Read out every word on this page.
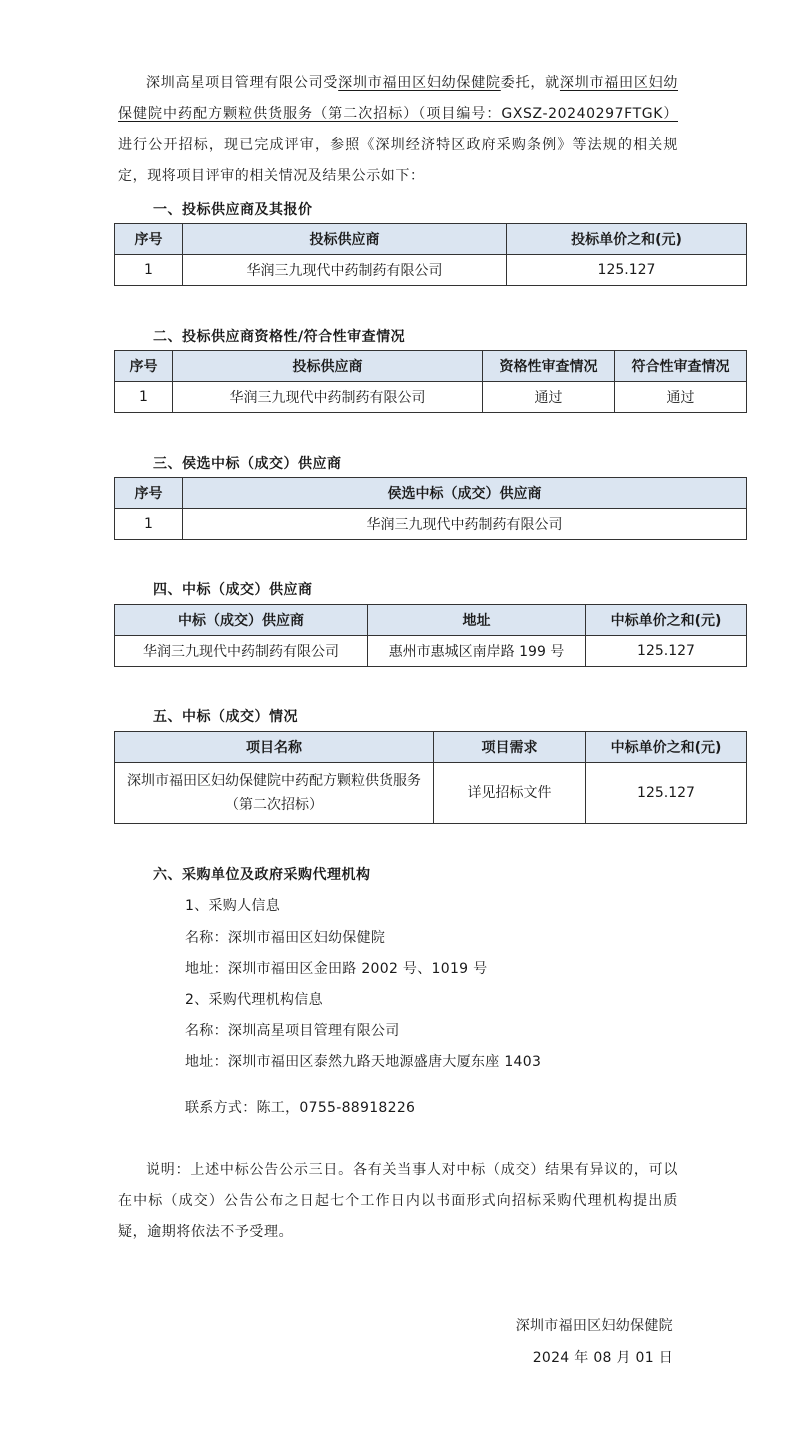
深圳高星项目管理有限公司受深圳市福田区妇幼保健院委托，就深圳市福田区妇幼保健院中药配方颗粒供货服务（第二次招标）（项目编号：GXSZ-20240297FTGK）进行公开招标，现已完成评审，参照《深圳经济特区政府采购条例》等法规的相关规定，现将项目评审的相关情况及结果公示如下：

一、投标供应商及其报价

序号	投标供应商	投标单价之和(元)
1	华润三九现代中药制药有限公司	125.127

二、投标供应商资格性/符合性审查情况

序号	投标供应商	资格性审查情况	符合性审查情况
1	华润三九现代中药制药有限公司	通过	通过

三、侯选中标（成交）供应商

序号	侯选中标（成交）供应商
1	华润三九现代中药制药有限公司

四、中标（成交）供应商

中标（成交）供应商	地址	中标单价之和(元)
华润三九现代中药制药有限公司	惠州市惠城区南岸路 199 号	125.127

五、中标（成交）情况

项目名称	项目需求	中标单价之和(元)
深圳市福田区妇幼保健院中药配方颗粒供货服务（第二次招标）	详见招标文件	125.127

六、采购单位及政府采购代理机构

1、采购人信息

名称：深圳市福田区妇幼保健院

地址：深圳市福田区金田路 2002 号、1019 号

2、采购代理机构信息

名称：深圳高星项目管理有限公司

地址：深圳市福田区泰然九路天地源盛唐大厦东座 1403

联系方式：陈工，0755-88918226

说明：上述中标公告公示三日。各有关当事人对中标（成交）结果有异议的，可以在中标（成交）公告公布之日起七个工作日内以书面形式向招标采购代理机构提出质疑，逾期将依法不予受理。

深圳市福田区妇幼保健院

2024 年 08 月 01 日
